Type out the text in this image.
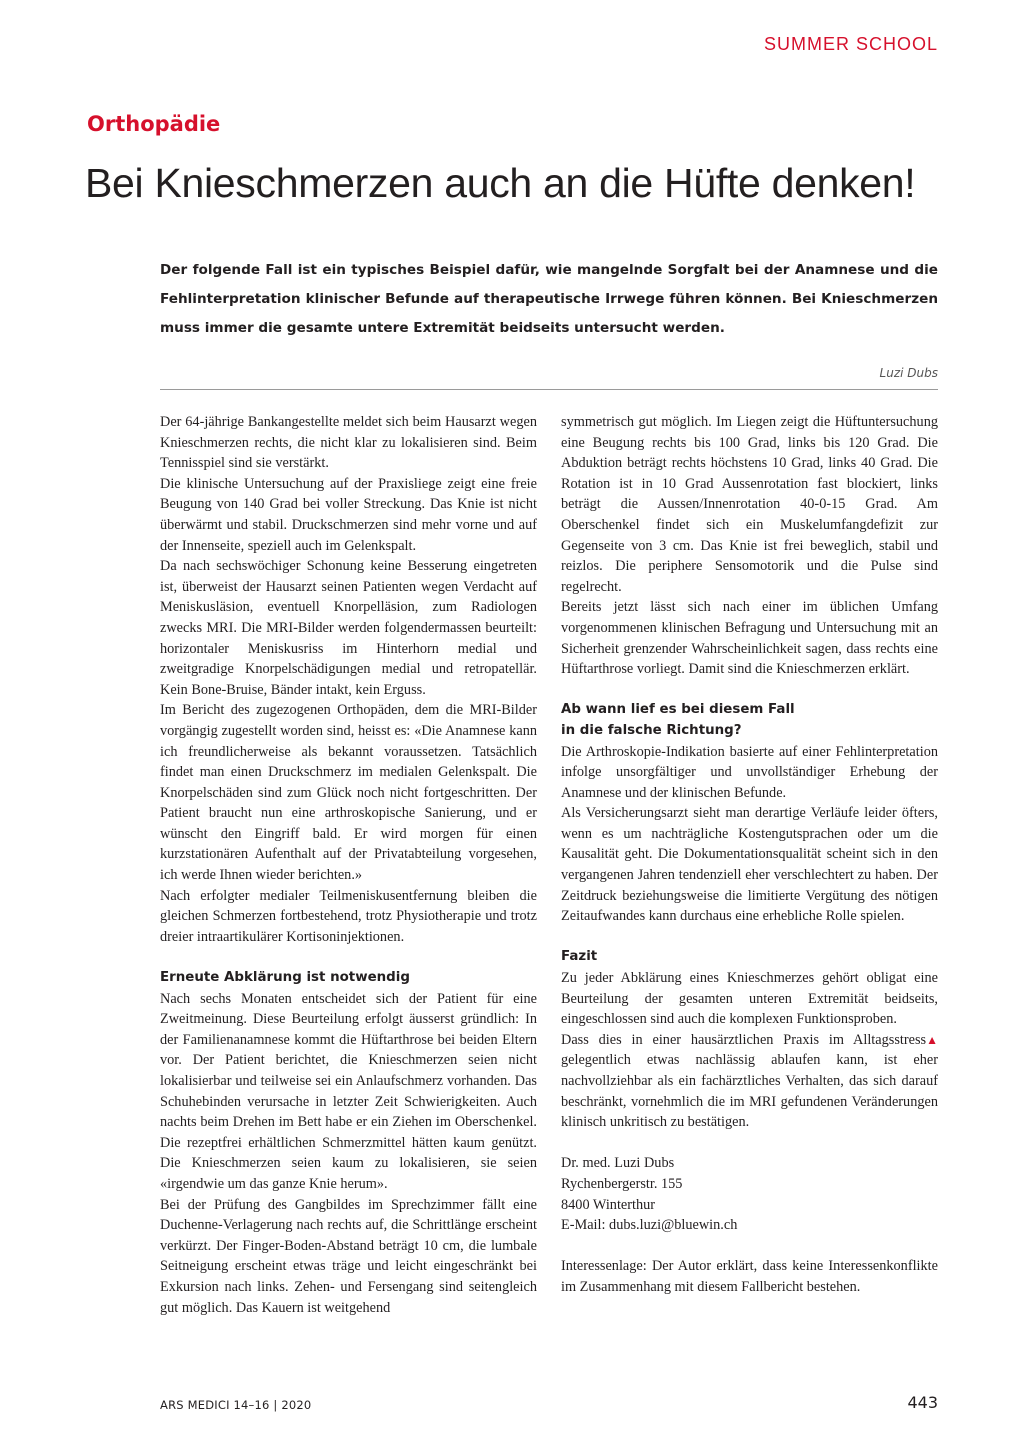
SUMMER SCHOOL
Orthopädie
Bei Knieschmerzen auch an die Hüfte denken!

Der folgende Fall ist ein typisches Beispiel dafür, wie mangelnde Sorgfalt bei der Anamnese und die Fehlinterpretation klinischer Befunde auf therapeutische Irrwege führen können. Bei Knieschmerzen muss immer die gesamte untere Extremität beidseits untersucht werden.

Luzi Dubs

Der 64-jährige Bankangestellte meldet sich beim Hausarzt wegen Knieschmerzen rechts, die nicht klar zu lokalisieren sind. Beim Tennisspiel sind sie verstärkt.

Die klinische Untersuchung auf der Praxisliege zeigt eine freie Beugung von 140 Grad bei voller Streckung. Das Knie ist nicht überwärmt und stabil. Druckschmerzen sind mehr vorne und auf der Innenseite, speziell auch im Gelenkspalt.

Da nach sechswöchiger Schonung keine Besserung eingetreten ist, überweist der Hausarzt seinen Patienten wegen Verdacht auf Meniskusläsion, eventuell Knorpelläsion, zum Radiologen zwecks MRI. Die MRI-Bilder werden folgendermassen beurteilt: horizontaler Meniskusriss im Hinterhorn medial und zweitgradige Knorpelschädigungen medial und retropatellär. Kein Bone-Bruise, Bänder intakt, kein Erguss.

Im Bericht des zugezogenen Orthopäden, dem die MRI-Bilder vorgängig zugestellt worden sind, heisst es: «Die Anamnese kann ich freundlicherweise als bekannt voraussetzen. Tatsächlich findet man einen Druckschmerz im medialen Gelenkspalt. Die Knorpelschäden sind zum Glück noch nicht fortgeschritten. Der Patient braucht nun eine arthroskopische Sanierung, und er wünscht den Eingriff bald. Er wird morgen für einen kurzstationären Aufenthalt auf der Privatabteilung vorgesehen, ich werde Ihnen wieder berichten.»

Nach erfolgter medialer Teilmeniskusentfernung bleiben die gleichen Schmerzen fortbestehend, trotz Physiotherapie und trotz dreier intraartikulärer Kortisoninjektionen.

Erneute Abklärung ist notwendig

Nach sechs Monaten entscheidet sich der Patient für eine Zweitmeinung. Diese Beurteilung erfolgt äusserst gründlich: In der Familienanamnese kommt die Hüftarthrose bei beiden Eltern vor. Der Patient berichtet, die Knieschmerzen seien nicht lokalisierbar und teilweise sei ein Anlaufschmerz vorhanden. Das Schuhebinden verursache in letzter Zeit Schwierigkeiten. Auch nachts beim Drehen im Bett habe er ein Ziehen im Oberschenkel. Die rezeptfrei erhältlichen Schmerzmittel hätten kaum genützt. Die Knieschmerzen seien kaum zu lokalisieren, sie seien «irgendwie um das ganze Knie herum».

Bei der Prüfung des Gangbildes im Sprechzimmer fällt eine Duchenne-Verlagerung nach rechts auf, die Schrittlänge erscheint verkürzt. Der Finger-Boden-Abstand beträgt 10 cm, die lumbale Seitneigung erscheint etwas träge und leicht eingeschränkt bei Exkursion nach links. Zehen- und Fersengang sind seitengleich gut möglich. Das Kauern ist weitgehend

symmetrisch gut möglich. Im Liegen zeigt die Hüftuntersuchung eine Beugung rechts bis 100 Grad, links bis 120 Grad. Die Abduktion beträgt rechts höchstens 10 Grad, links 40 Grad. Die Rotation ist in 10 Grad Aussenrotation fast blockiert, links beträgt die Aussen/Innenrotation 40-0-15 Grad. Am Oberschenkel findet sich ein Muskelumfangdefizit zur Gegenseite von 3 cm. Das Knie ist frei beweglich, stabil und reizlos. Die periphere Sensomotorik und die Pulse sind regelrecht.

Bereits jetzt lässt sich nach einer im üblichen Umfang vorgenommenen klinischen Befragung und Untersuchung mit an Sicherheit grenzender Wahrscheinlichkeit sagen, dass rechts eine Hüftarthrose vorliegt. Damit sind die Knieschmerzen erklärt.

Ab wann lief es bei diesem Fall
in die falsche Richtung?

Die Arthroskopie-Indikation basierte auf einer Fehlinterpretation infolge unsorgfältiger und unvollständiger Erhebung der Anamnese und der klinischen Befunde.

Als Versicherungsarzt sieht man derartige Verläufe leider öfters, wenn es um nachträgliche Kostengutsprachen oder um die Kausalität geht. Die Dokumentationsqualität scheint sich in den vergangenen Jahren tendenziell eher verschlechtert zu haben. Der Zeitdruck beziehungsweise die limitierte Vergütung des nötigen Zeitaufwandes kann durchaus eine erhebliche Rolle spielen.

Fazit

Zu jeder Abklärung eines Knieschmerzes gehört obligat eine Beurteilung der gesamten unteren Extremität beidseits, eingeschlossen sind auch die komplexen Funktionsproben.

▲
Dass dies in einer hausärztlichen Praxis im Alltagsstress gelegentlich etwas nachlässig ablaufen kann, ist eher nachvollziehbar als ein fachärztliches Verhalten, das sich darauf beschränkt, vornehmlich die im MRI gefundenen Veränderungen klinisch unkritisch zu bestätigen.

Dr. med. Luzi Dubs

Rychenbergerstr. 155

8400 Winterthur

E-Mail: dubs.luzi@bluewin.ch

Interessenlage: Der Autor erklärt, dass keine Interessenkonflikte im Zusammenhang mit diesem Fallbericht bestehen.

ARS MEDICI 14–16 | 2020	443
